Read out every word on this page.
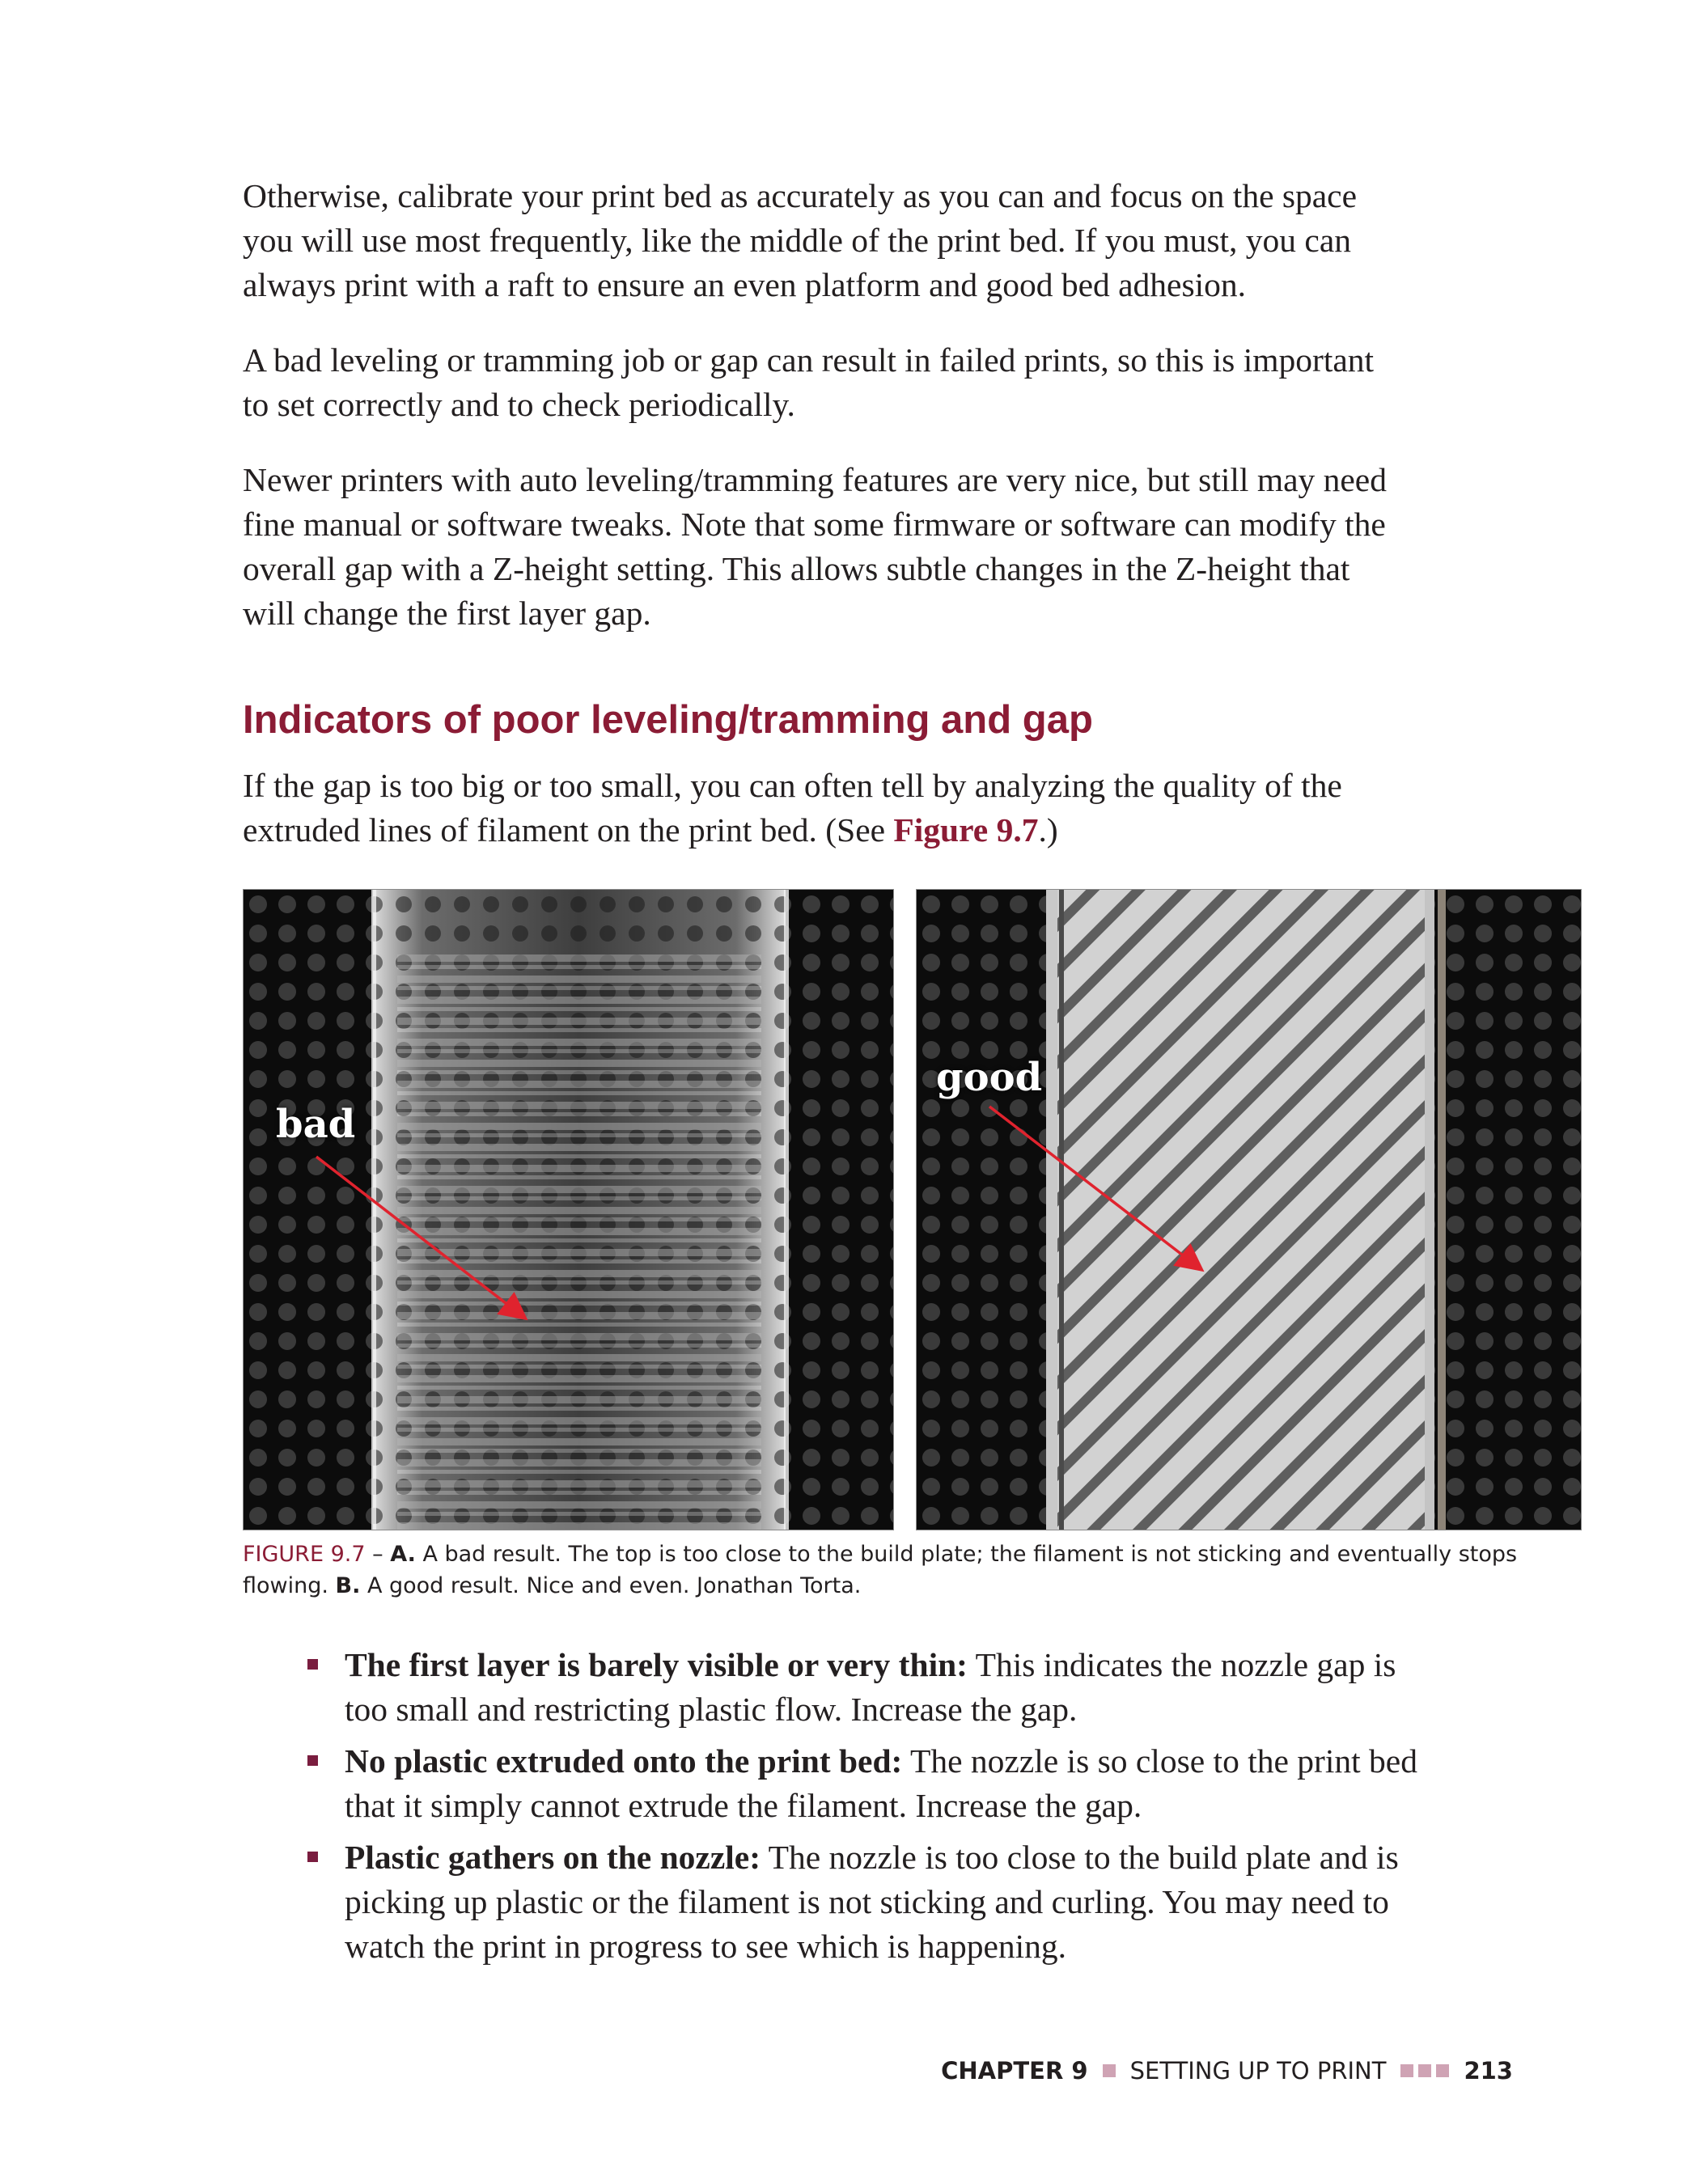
Otherwise, calibrate your print bed as accurately as you can and focus on the space you will use most frequently, like the middle of the print bed. If you must, you can always print with a raft to ensure an even platform and good bed adhesion.

A bad leveling or tramming job or gap can result in failed prints, so this is important to set correctly and to check periodically.

Newer printers with auto leveling/tramming features are very nice, but still may need fine manual or software tweaks. Note that some firmware or software can modify the overall gap with a Z-height setting. This allows subtle changes in the Z-height that will change the first layer gap.

Indicators of poor leveling/tramming and gap

If the gap is too big or too small, you can often tell by analyzing the quality of the extruded lines of filament on the print bed. (See Figure 9.7.)

bad
good

FIGURE 9.7 – A. A bad result. The top is too close to the build plate; the filament is not sticking and eventually stops flowing. B. A good result. Nice and even. Jonathan Torta.

The first layer is barely visible or very thin: This indicates the nozzle gap is too small and restricting plastic flow. Increase the gap.
No plastic extruded onto the print bed: The nozzle is so close to the print bed that it simply cannot extrude the filament. Increase the gap.
Plastic gathers on the nozzle: The nozzle is too close to the build plate and is picking up plastic or the filament is not sticking and curling. You may need to watch the print in progress to see which is happening.
CHAPTER 9 SETTING UP TO PRINT	213
